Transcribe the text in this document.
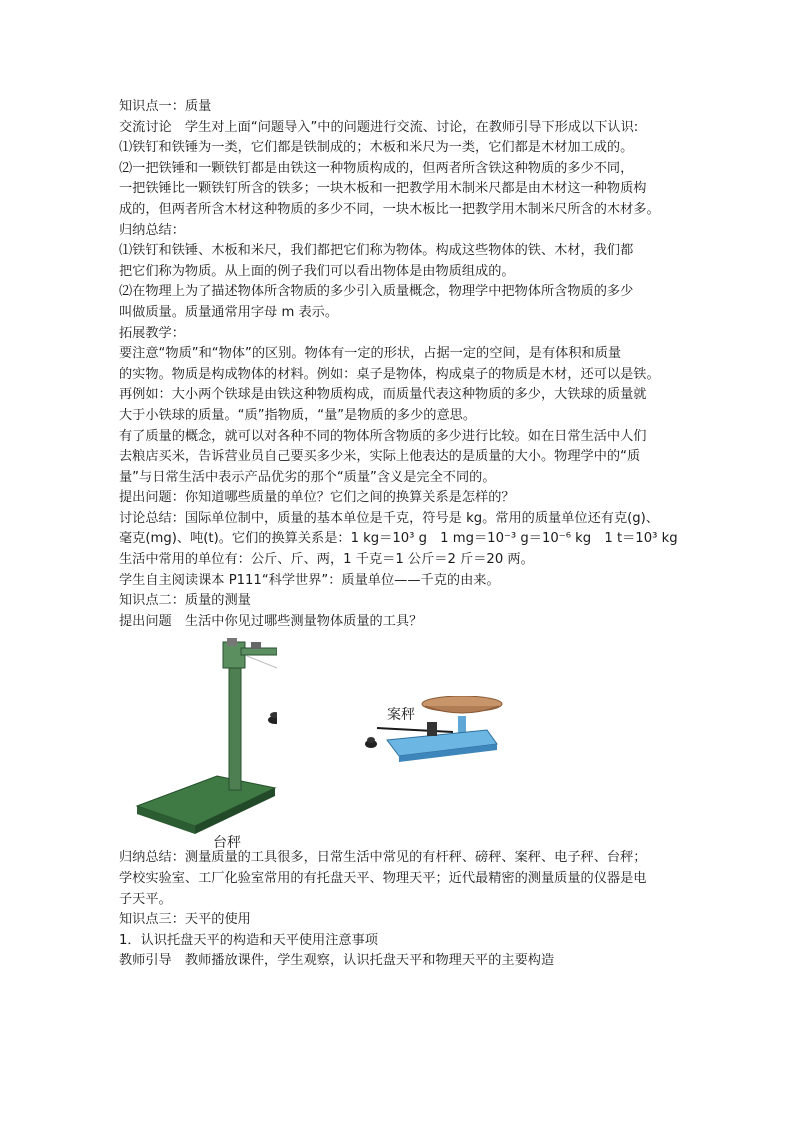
知识点一：质量
交流讨论　学生对上面“问题导入”中的问题进行交流、讨论，在教师引导下形成以下认识:
⑴铁钉和铁锤为一类，它们都是铁制成的；木板和米尺为一类，它们都是木材加工成的。
⑵一把铁锤和一颗铁钉都是由铁这一种物质构成的，但两者所含铁这种物质的多少不同，
一把铁锤比一颗铁钉所含的铁多；一块木板和一把教学用木制米尺都是由木材这一种物质构
成的，但两者所含木材这种物质的多少不同，一块木板比一把教学用木制米尺所含的木材多。
归纳总结：
⑴铁钉和铁锤、木板和米尺，我们都把它们称为物体。构成这些物体的铁、木材，我们都
把它们称为物质。从上面的例子我们可以看出物体是由物质组成的。
⑵在物理上为了描述物体所含物质的多少引入质量概念，物理学中把物体所含物质的多少
叫做质量。质量通常用字母 m 表示。
拓展教学：
要注意“物质”和“物体”的区别。物体有一定的形状，占据一定的空间，是有体积和质量
的实物。物质是构成物体的材料。例如：桌子是物体，构成桌子的物质是木材，还可以是铁。
再例如：大小两个铁球是由铁这种物质构成，而质量代表这种物质的多少，大铁球的质量就
大于小铁球的质量。“质”指物质，“量”是物质的多少的意思。
有了质量的概念，就可以对各种不同的物体所含物质的多少进行比较。如在日常生活中人们
去粮店买米，告诉营业员自己要买多少米，实际上他表达的是质量的大小。物理学中的“质
量”与日常生活中表示产品优劣的那个“质量”含义是完全不同的。
提出问题：你知道哪些质量的单位？它们之间的换算关系是怎样的？
讨论总结：国际单位制中，质量的基本单位是千克，符号是 kg。常用的质量单位还有克(g)、
毫克(mg)、吨(t)。它们的换算关系是：1 kg＝10³ g　1 mg＝10⁻³ g＝10⁻⁶ kg　1 t＝10³ kg
生活中常用的单位有：公斤、斤、两，1 千克＝1 公斤＝2 斤＝20 两。
学生自主阅读课本 P111“科学世界”：质量单位——千克的由来。
知识点二：质量的测量
提出问题　生活中你见过哪些测量物体质量的工具？
台秤
案秤
归纳总结：测量质量的工具很多，日常生活中常见的有杆秤、磅秤、案秤、电子秤、台秤；
学校实验室、工厂化验室常用的有托盘天平、物理天平；近代最精密的测量质量的仪器是电
子天平。
知识点三：天平的使用
1．认识托盘天平的构造和天平使用注意事项
教师引导　教师播放课件，学生观察，认识托盘天平和物理天平的主要构造
